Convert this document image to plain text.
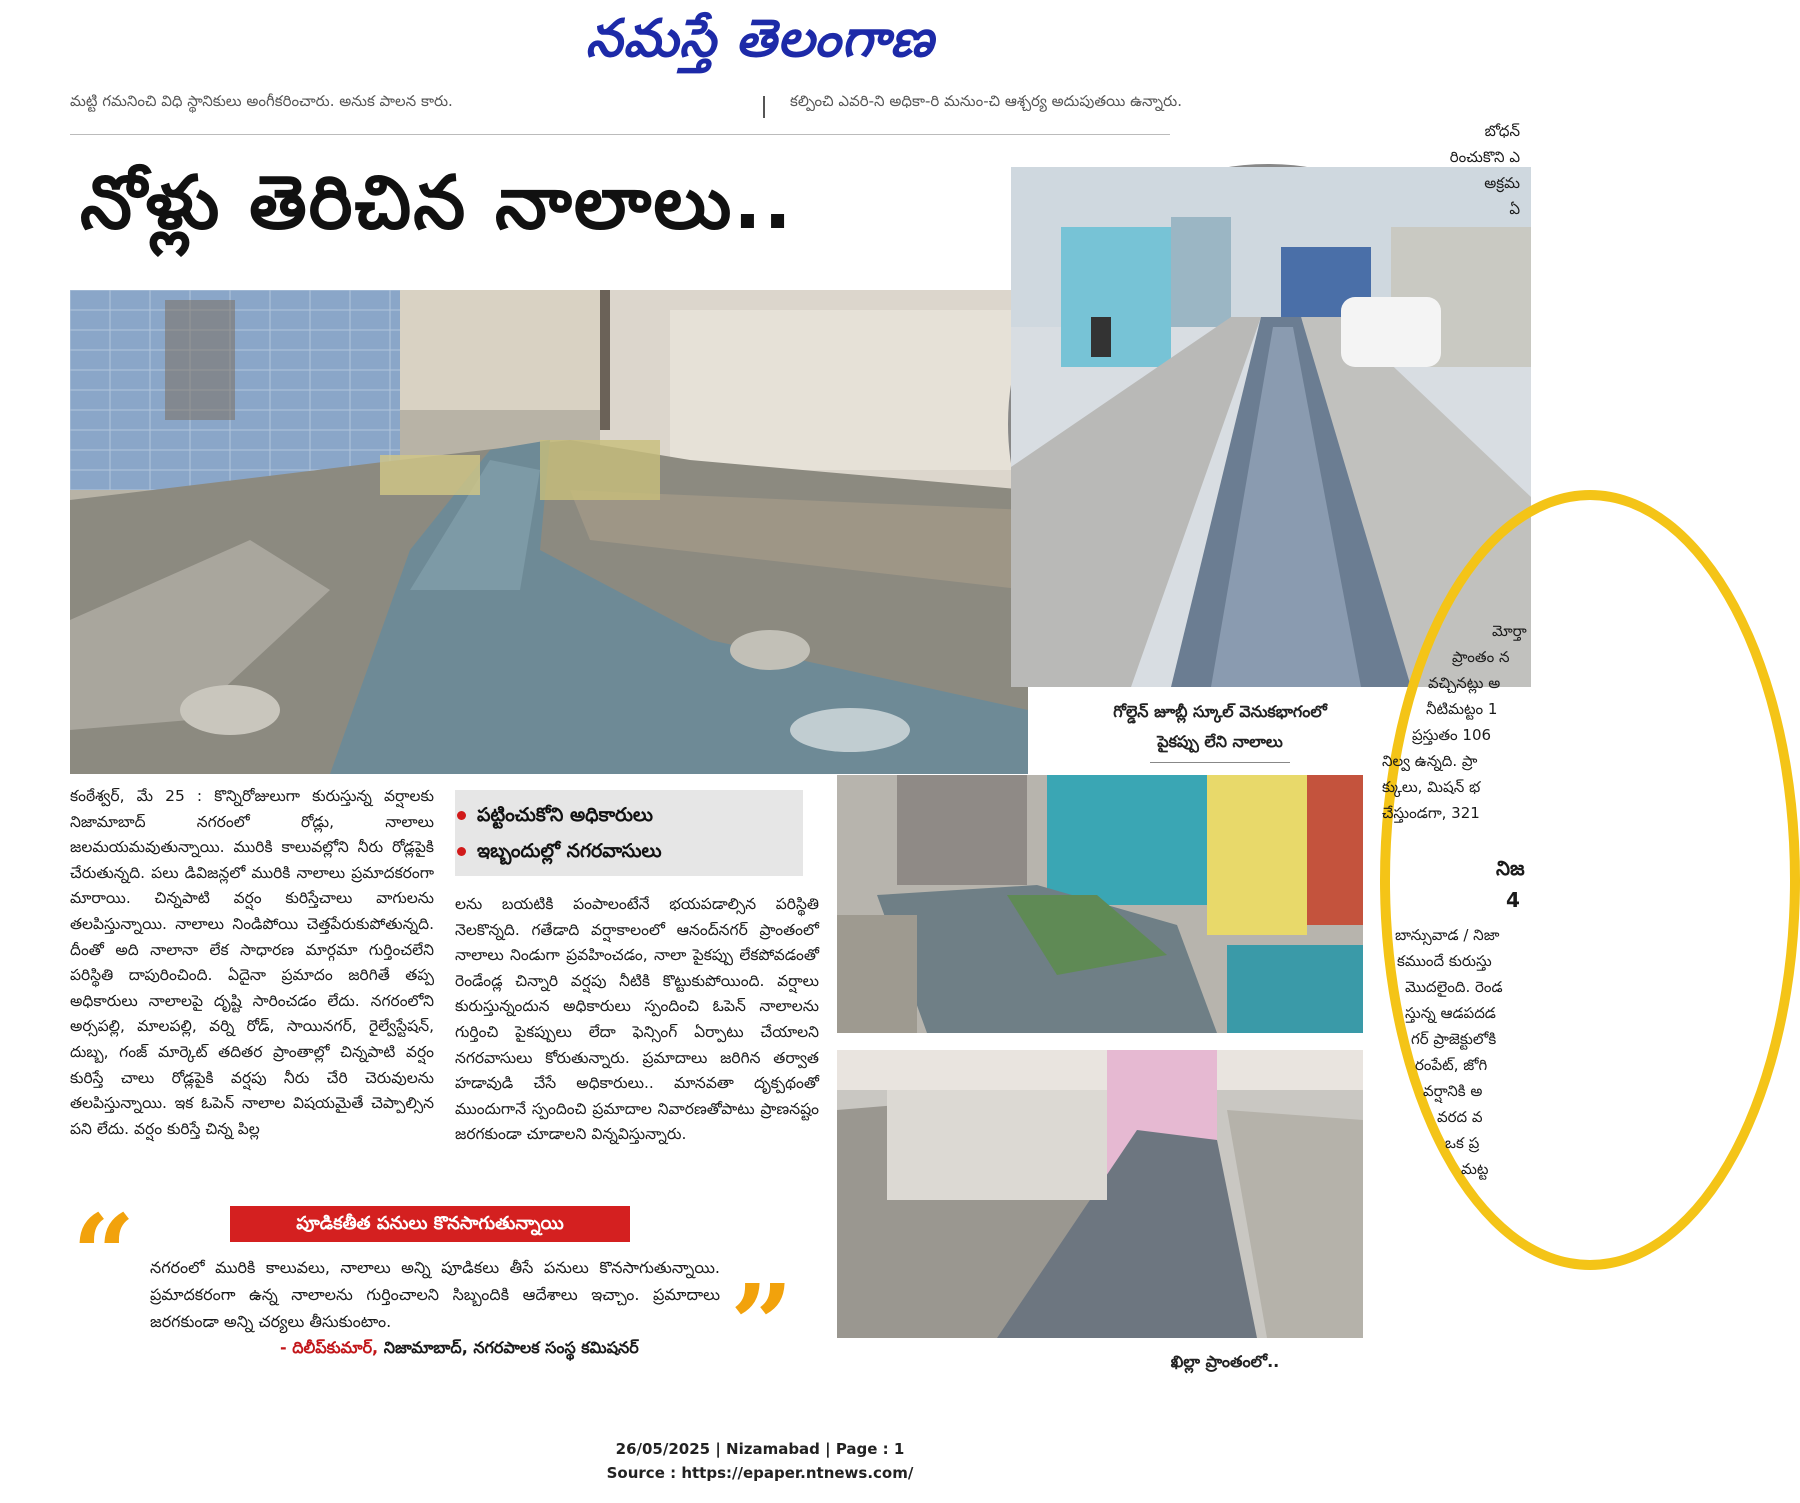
నమస్తే తెలంగాణ
మట్టి గమనించి విధి స్థానికులు అంగీకరించారు. అనుక పాలన కారు.	కల్పించి ఎవరి-ని అధికా-రి మనుం-చి ఆశ్చర్య అదుపుతయి ఉన్నారు.
నోళ్లు తెరిచిన నాలాలు..
గోల్డెన్ జూబ్లీ స్కూల్ వెనుకభాగంలో
పైకప్పు లేని నాలాలు
ఖిల్లా ప్రాంతంలో..
పట్టించుకోని అధికారులు
ఇబ్బందుల్లో నగరవాసులు
కంఠేశ్వర్, మే 25 : కొన్నిరోజులుగా కురుస్తున్న వర్షాలకు నిజామాబాద్ నగరంలో రోడ్లు, నాలాలు జలమయమవుతున్నాయి. మురికి కాలువల్లోని నీరు రోడ్లపైకి చేరుతున్నది. పలు డివిజన్లలో మురికి నాలాలు ప్రమాదకరంగా మారాయి. చిన్నపాటి వర్షం కురిస్తేచాలు వాగులను తలపిస్తున్నాయి. నాలాలు నిండిపోయి చెత్తపేరుకుపోతున్నది. దీంతో అది నాలానా లేక సాధారణ మార్గమా గుర్తించలేని పరిస్థితి దాపురించింది. ఏదైనా ప్రమాదం జరిగితే తప్ప అధికారులు నాలాలపై దృష్టి సారించడం లేదు. నగరంలోని అర్సపల్లి, మాలపల్లి, వర్ని రోడ్, సాయినగర్, రైల్వేస్టేషన్, దుబ్బ, గంజ్ మార్కెట్ తదితర ప్రాంతాల్లో చిన్నపాటి వర్షం కురిస్తే చాలు రోడ్లపైకి వర్షపు నీరు చేరి చెరువులను తలపిస్తున్నాయి. ఇక ఓపెన్ నాలాల విషయమైతే చెప్పాల్సిన పని లేదు. వర్షం కురిస్తే చిన్న పిల్ల
లను బయటికి పంపాలంటేనే భయపడాల్సిన పరిస్థితి నెలకొన్నది. గతేడాది వర్షాకాలంలో ఆనంద్‌నగర్ ప్రాంతంలో నాలాలు నిండుగా ప్రవహించడం, నాలా పైకప్పు లేకపోవడంతో రెండేండ్ల చిన్నారి వర్షపు నీటికి కొట్టుకుపోయింది. వర్షాలు కురుస్తున్నందున అధికారులు స్పందించి ఓపెన్ నాలాలను గుర్తించి పైకప్పులు లేదా ఫెన్సింగ్ ఏర్పాటు చేయాలని నగరవాసులు కోరుతున్నారు. ప్రమాదాలు జరిగిన తర్వాత హడావుడి చేసే అధికారులు.. మానవతా దృక్పథంతో ముందుగానే స్పందించి ప్రమాదాల నివారణతోపాటు ప్రాణనష్టం జరగకుండా చూడాలని విన్నవిస్తున్నారు.
పూడికతీత పనులు కొనసాగుతున్నాయి
“ నగరంలో మురికి కాలువలు, నాలాలు అన్ని పూడికలు తీసే పనులు కొనసాగుతున్నాయి. ప్రమాదకరంగా ఉన్న నాలాలను గుర్తించాలని సిబ్బందికి ఆదేశాలు ఇచ్చాం. ప్రమాదాలు జరగకుండా అన్ని చర్యలు తీసుకుంటాం.
- దిలీప్‌కుమార్, నిజామాబాద్, నగరపాలక సంస్థ కమిషనర్ ”
బోధన్
రించుకొని ఎ
అక్రమ
ఏ
మోర్తా
ప్రాంతం న
వచ్చినట్లు అ
నీటిమట్టం 1
ప్రస్తుతం 106
నిల్వ ఉన్నది. ప్రా
క్కులు, మిషన్ భ
చేస్తుండగా, 321
నిజ
4
బాన్సువాడ / నిజా
కముందే కురుస్తు
మొదలైంది. రెండ
స్తున్న ఆడపదడ
గర్ ప్రాజెక్టులోకి
రంపేట్, జోగి
వర్షానికి అ
వరద వ
ఒక ప్ర
మట్ట
26/05/2025 | Nizamabad | Page : 1
Source : https://epaper.ntnews.com/
